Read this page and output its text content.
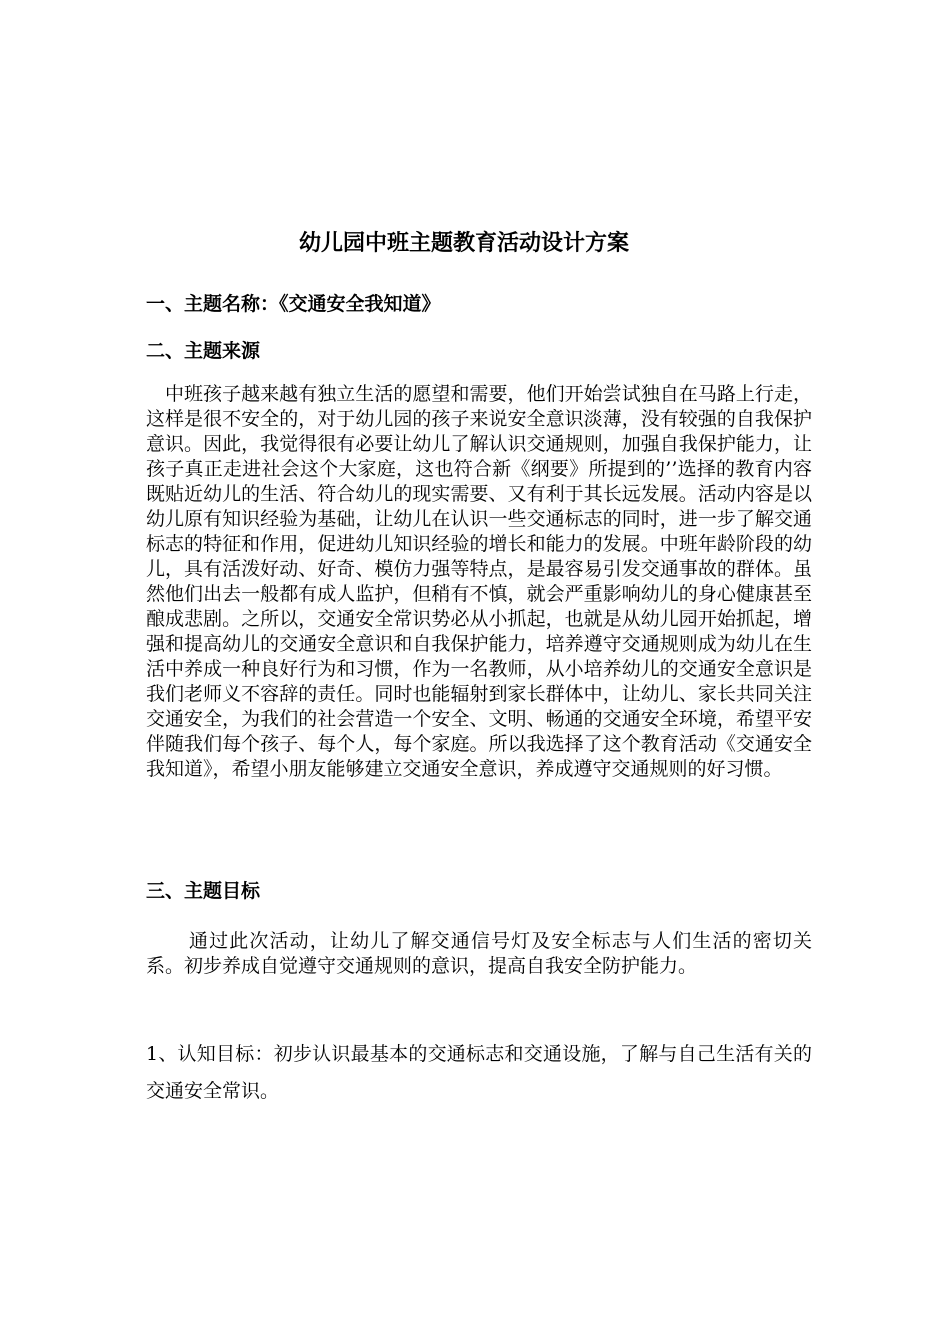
幼儿园中班主题教育活动设计方案
一、主题名称：《交通安全我知道》
二、主题来源

中班孩子越来越有独立生活的愿望和需要，他们开始尝试独自在马路上行走，这样是很不安全的，对于幼儿园的孩子来说安全意识淡薄，没有较强的自我保护意识。因此，我觉得很有必要让幼儿了解认识交通规则，加强自我保护能力，让孩子真正走进社会这个大家庭，这也符合新《纲要》所提到的’’选择的教育内容既贴近幼儿的生活、符合幼儿的现实需要、又有利于其长远发展。活动内容是以幼儿原有知识经验为基础，让幼儿在认识一些交通标志的同时，进一步了解交通标志的特征和作用，促进幼儿知识经验的增长和能力的发展。中班年龄阶段的幼儿，具有活泼好动、好奇、模仿力强等特点，是最容易引发交通事故的群体。虽然他们出去一般都有成人监护，但稍有不慎，就会严重影响幼儿的身心健康甚至酿成悲剧。之所以，交通安全常识势必从小抓起，也就是从幼儿园开始抓起，增强和提高幼儿的交通安全意识和自我保护能力，培养遵守交通规则成为幼儿在生活中养成一种良好行为和习惯，作为一名教师，从小培养幼儿的交通安全意识是我们老师义不容辞的责任。同时也能辐射到家长群体中，让幼儿、家长共同关注交通安全，为我们的社会营造一个安全、文明、畅通的交通安全环境，希望平安伴随我们每个孩子、每个人，每个家庭。所以我选择了这个教育活动《交通安全我知道》，希望小朋友能够建立交通安全意识，养成遵守交通规则的好习惯。

三、主题目标

通过此次活动，让幼儿了解交通信号灯及安全标志与人们生活的密切关系。初步养成自觉遵守交通规则的意识，提高自我安全防护能力。

1、认知目标：初步认识最基本的交通标志和交通设施，了解与自己生活有关的交通安全常识。
